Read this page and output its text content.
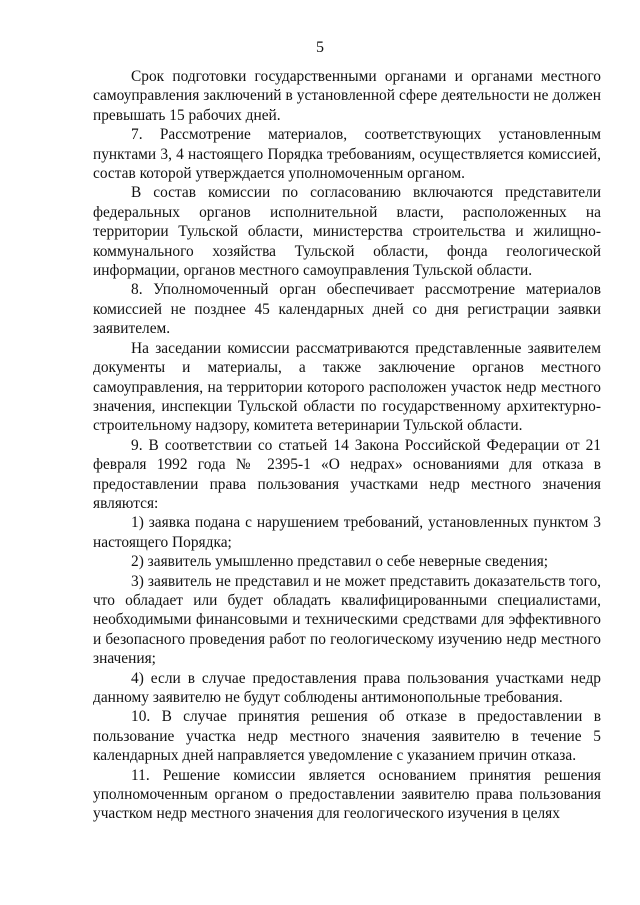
5

Срок подготовки государственными органами и органами местного самоуправления заключений в установленной сфере деятельности не должен превышать 15 рабочих дней.

7. Рассмотрение материалов, соответствующих установленным пунктами 3, 4 настоящего Порядка требованиям, осуществляется комиссией, состав которой утверждается уполномоченным органом.

В состав комиссии по согласованию включаются представители федеральных органов исполнительной власти, расположенных на территории Тульской области, министерства строительства и жилищно-коммунального хозяйства Тульской области, фонда геологической информации, органов местного самоуправления Тульской области.

8. Уполномоченный орган обеспечивает рассмотрение материалов комиссией не позднее 45 календарных дней со дня регистрации заявки заявителем.

На заседании комиссии рассматриваются представленные заявителем документы и материалы, а также заключение органов местного самоуправления, на территории которого расположен участок недр местного значения, инспекции Тульской области по государственному архитектурно-строительному надзору, комитета ветеринарии Тульской области.

9. В соответствии со статьей 14 Закона Российской Федерации от 21 февраля 1992 года № 2395-1 «О недрах» основаниями для отказа в предоставлении права пользования участками недр местного значения являются:

1) заявка подана с нарушением требований, установленных пунктом 3 настоящего Порядка;

2) заявитель умышленно представил о себе неверные сведения;

3) заявитель не представил и не может представить доказательств того, что обладает или будет обладать квалифицированными специалистами, необходимыми финансовыми и техническими средствами для эффективного и безопасного проведения работ по геологическому изучению недр местного значения;

4) если в случае предоставления права пользования участками недр данному заявителю не будут соблюдены антимонопольные требования.

10. В случае принятия решения об отказе в предоставлении в пользование участка недр местного значения заявителю в течение 5 календарных дней направляется уведомление с указанием причин отказа.

11. Решение комиссии является основанием принятия решения уполномоченным органом о предоставлении заявителю права пользования участком недр местного значения для геологического изучения в целях
